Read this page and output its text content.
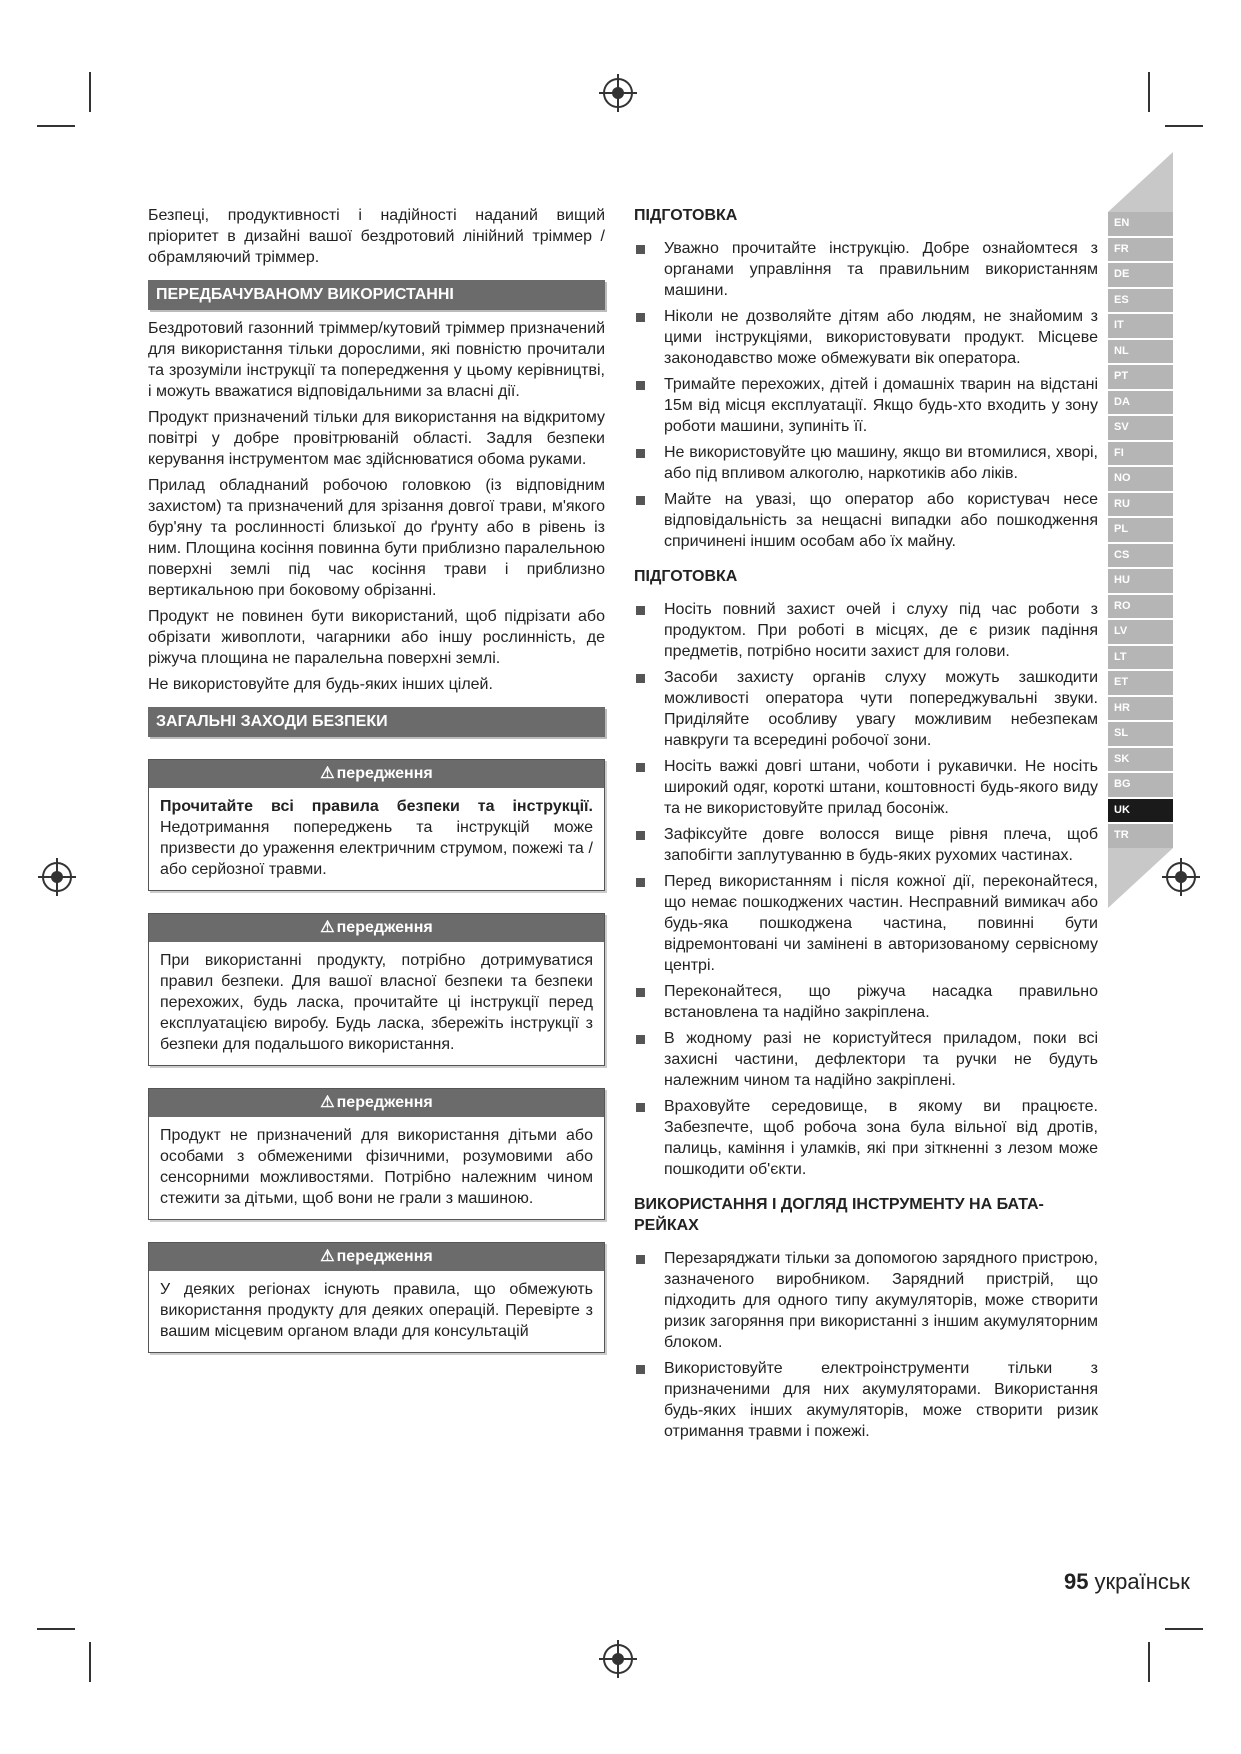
Безпеці, продуктивності і надійності наданий вищий пріоритет в дизайні вашої бездротовий лінійний тріммер / обрамляючий тріммер.

ПЕРЕДБАЧУВАНОМУ ВИКОРИСТАННІ

Бездротовий газонний тріммер/кутовий тріммер призначений для використання тільки дорослими, які повністю прочитали та зрозуміли інструкції та попередження у цьому керівництві, і можуть вважатися відповідальними за власні дії.

Продукт призначений тільки для використання на відкритому повітрі у добре провітрюваній області. Задля безпеки керування інструментом має здійснюватися обома руками.

Прилад обладнаний робочою головкою (із відповідним захистом) та призначений для зрізання довгої трави, м'якого бур'яну та рослинності близької до ґрунту або в рівень із ним. Площина косіння повинна бути приблизно паралельною поверхні землі під час косіння трави і приблизно вертикальною при боковому обрізанні.

Продукт не повинен бути використаний, щоб підрізати або обрізати живоплоти, чагарники або іншу рослинність, де ріжуча площина не паралельна поверхні землі.

Не використовуйте для будь-яких інших цілей.

ЗАГАЛЬНІ ЗАХОДИ БЕЗПЕКИ
⚠ передження

Прочитайте всі правила безпеки та інструкції. Недотримання попереджень та інструкцій може призвести до ураження електричним струмом, пожежі та / або серйозної травми.

⚠ передження

При використанні продукту, потрібно дотримуватися правил безпеки. Для вашої власної безпеки та безпеки перехожих, будь ласка, прочитайте ці інструкції перед експлуатацією виробу. Будь ласка, збережіть інструкції з безпеки для подальшого використання.

⚠ передження

Продукт не призначений для використання дітьми або особами з обмеженими фізичними, розумовими або сенсорними можливостями. Потрібно належним чином стежити за дітьми, щоб вони не грали з машиною.

⚠ передження

У деяких регіонах існують правила, що обмежують використання продукту для деяких операцій. Перевірте з вашим місцевим органом влади для консультацій

ПІДГОТОВКА
Уважно прочитайте інструкцію. Добре ознайомтеся з органами управління та правильним використанням машини.
Ніколи не дозволяйте дітям або людям, не знайомим з цими інструкціями, використовувати продукт. Місцеве законодавство може обмежувати вік оператора.
Тримайте перехожих, дітей і домашніх тварин на відстані 15м від місця експлуатації. Якщо будь-хто входить у зону роботи машини, зупиніть її.
Не використовуйте цю машину, якщо ви втомилися, хворі, або під впливом алкоголю, наркотиків або ліків.
Майте на увазі, що оператор або користувач несе відповідальність за нещасні випадки або пошкодження спричинені іншим особам або їх майну.
ПІДГОТОВКА
Носіть повний захист очей і слуху під час роботи з продуктом. При роботі в місцях, де є ризик падіння предметів, потрібно носити захист для голови.
Засоби захисту органів слуху можуть зашкодити можливості оператора чути попереджувальні звуки. Приділяйте особливу увагу можливим небезпекам навкруги та всередині робочої зони.
Носіть важкі довгі штани, чоботи і рукавички. Не носіть широкий одяг, короткі штани, коштовності будь-якого виду та не використовуйте прилад босоніж.
Зафіксуйте довге волосся вище рівня плеча, щоб запобігти заплутуванню в будь-яких рухомих частинах.
Перед використанням і після кожної дії, переконайтеся, що немає пошкоджених частин. Несправний вимикач або будь-яка пошкоджена частина, повинні бути відремонтовані чи замінені в авторизованому сервісному центрі.
Переконайтеся, що ріжуча насадка правильно встановлена та надійно закріплена.
В жодному разі не користуйтеся приладом, поки всі захисні частини, дефлектори та ручки не будуть належним чином та надійно закріплені.
Враховуйте середовище, в якому ви працюєте. Забезпечте, щоб робоча зона була вільної від дротів, палиць, каміння і уламків, які при зіткненні з лезом може пошкодити об'єкти.
ВИКОРИСТАННЯ І ДОГЛЯД ІНСТРУМЕНТУ НА БАТА-РЕЙКАХ
Перезаряджати тільки за допомогою зарядного пристрою, зазначеного виробником. Зарядний пристрій, що підходить для одного типу акумуляторів, може створити ризик загоряння при використанні з іншим акумуляторним блоком.
Використовуйте електроінструменти тільки з призначеними для них акумуляторами. Використання будь-яких інших акумуляторів, може створити ризик отримання травми і пожежі.
EN
FR
DE
ES
IT
NL
PT
DA
SV
FI
NO
RU
PL
CS
HU
RO
LV
LT
ET
HR
SL
SK
BG
UK
TR
95 українськ
